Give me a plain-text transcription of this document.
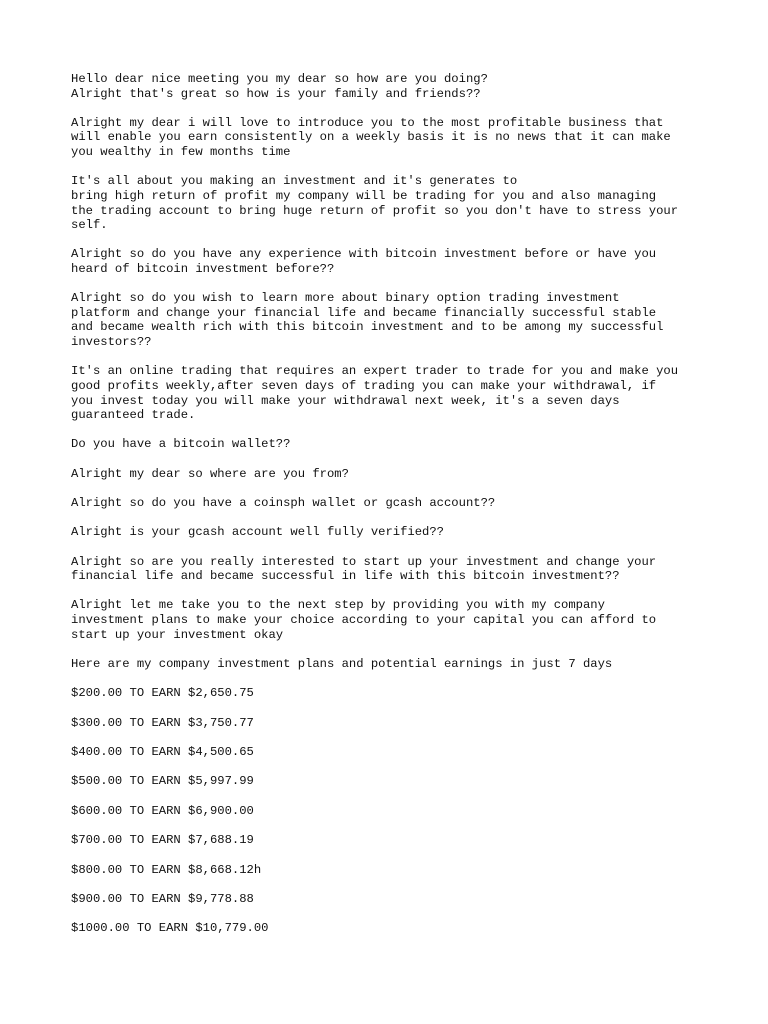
Hello dear nice meeting you my dear so how are you doing?
Alright that's great so how is your family and friends??

Alright my dear i will love to introduce you to the most profitable business that
will enable you earn consistently on a weekly basis it is no news that it can make
you wealthy in few months time

It's all about you making an investment and it's generates to
bring high return of profit my company will be trading for you and also managing
the trading account to bring huge return of profit so you don't have to stress your
self.

Alright so do you have any experience with bitcoin investment before or have you
heard of bitcoin investment before??

Alright so do you wish to learn more about binary option trading investment
platform and change your financial life and became financially successful stable
and became wealth rich with this bitcoin investment and to be among my successful
investors??

It's an online trading that requires an expert trader to trade for you and make you
good profits weekly,after seven days of trading you can make your withdrawal, if
you invest today you will make your withdrawal next week, it's a seven days
guaranteed trade.

Do you have a bitcoin wallet??

Alright my dear so where are you from?

Alright so do you have a coinsph wallet or gcash account??

Alright is your gcash account well fully verified??

Alright so are you really interested to start up your investment and change your
financial life and became successful in life with this bitcoin investment??

Alright let me take you to the next step by providing you with my company
investment plans to make your choice according to your capital you can afford to
start up your investment okay

Here are my company investment plans and potential earnings in just 7 days

$200.00 TO EARN $2,650.75

$300.00 TO EARN $3,750.77

$400.00 TO EARN $4,500.65

$500.00 TO EARN $5,997.99

$600.00 TO EARN $6,900.00

$700.00 TO EARN $7,688.19

$800.00 TO EARN $8,668.12h

$900.00 TO EARN $9,778.88

$1000.00 TO EARN $10,779.00
